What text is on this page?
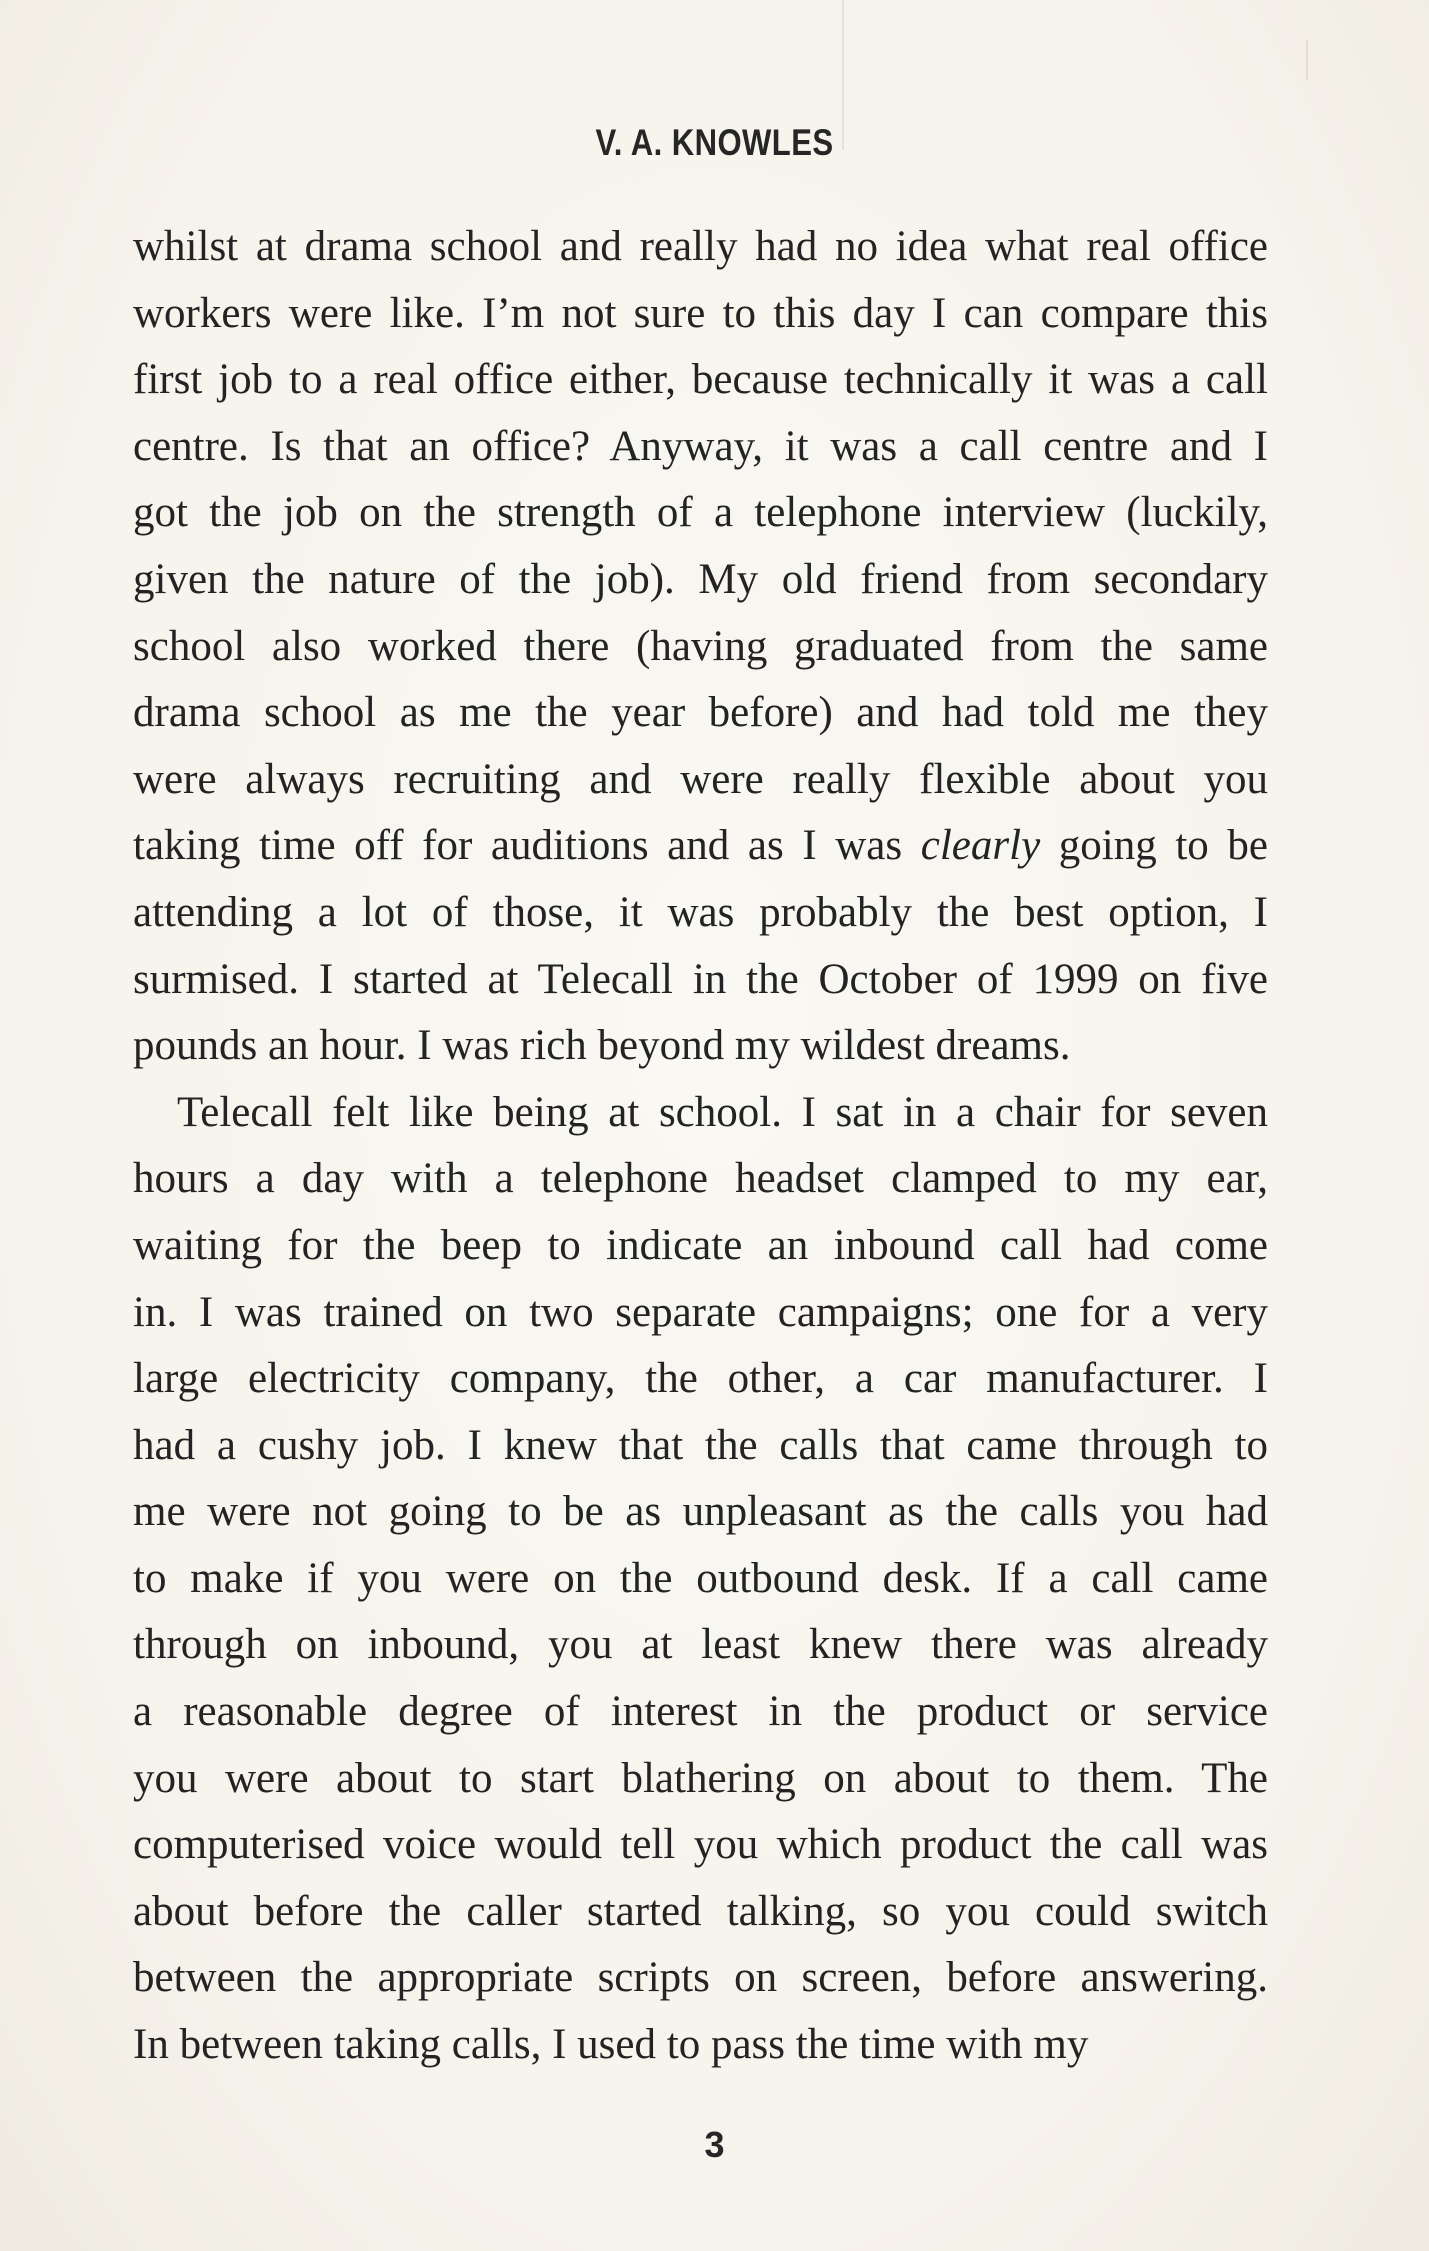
V. A. KNOWLES
whilst at drama school and really had no idea what real office
workers were like. I’m not sure to this day I can compare this
first job to a real office either, because technically it was a call
centre. Is that an office? Anyway, it was a call centre and I
got the job on the strength of a telephone interview (luckily,
given the nature of the job). My old friend from secondary
school also worked there (having graduated from the same
drama school as me the year before) and had told me they
were always recruiting and were really flexible about you
taking time off for auditions and as I was clearly going to be
attending a lot of those, it was probably the best option, I
surmised. I started at Telecall in the October of 1999 on five
pounds an hour. I was rich beyond my wildest dreams.
Telecall felt like being at school. I sat in a chair for seven
hours a day with a telephone headset clamped to my ear,
waiting for the beep to indicate an inbound call had come
in. I was trained on two separate campaigns; one for a very
large electricity company, the other, a car manufacturer. I
had a cushy job. I knew that the calls that came through to
me were not going to be as unpleasant as the calls you had
to make if you were on the outbound desk. If a call came
through on inbound, you at least knew there was already
a reasonable degree of interest in the product or service
you were about to start blathering on about to them. The
computerised voice would tell you which product the call was
about before the caller started talking, so you could switch
between the appropriate scripts on screen, before answering.
In between taking calls, I used to pass the time with my
3
